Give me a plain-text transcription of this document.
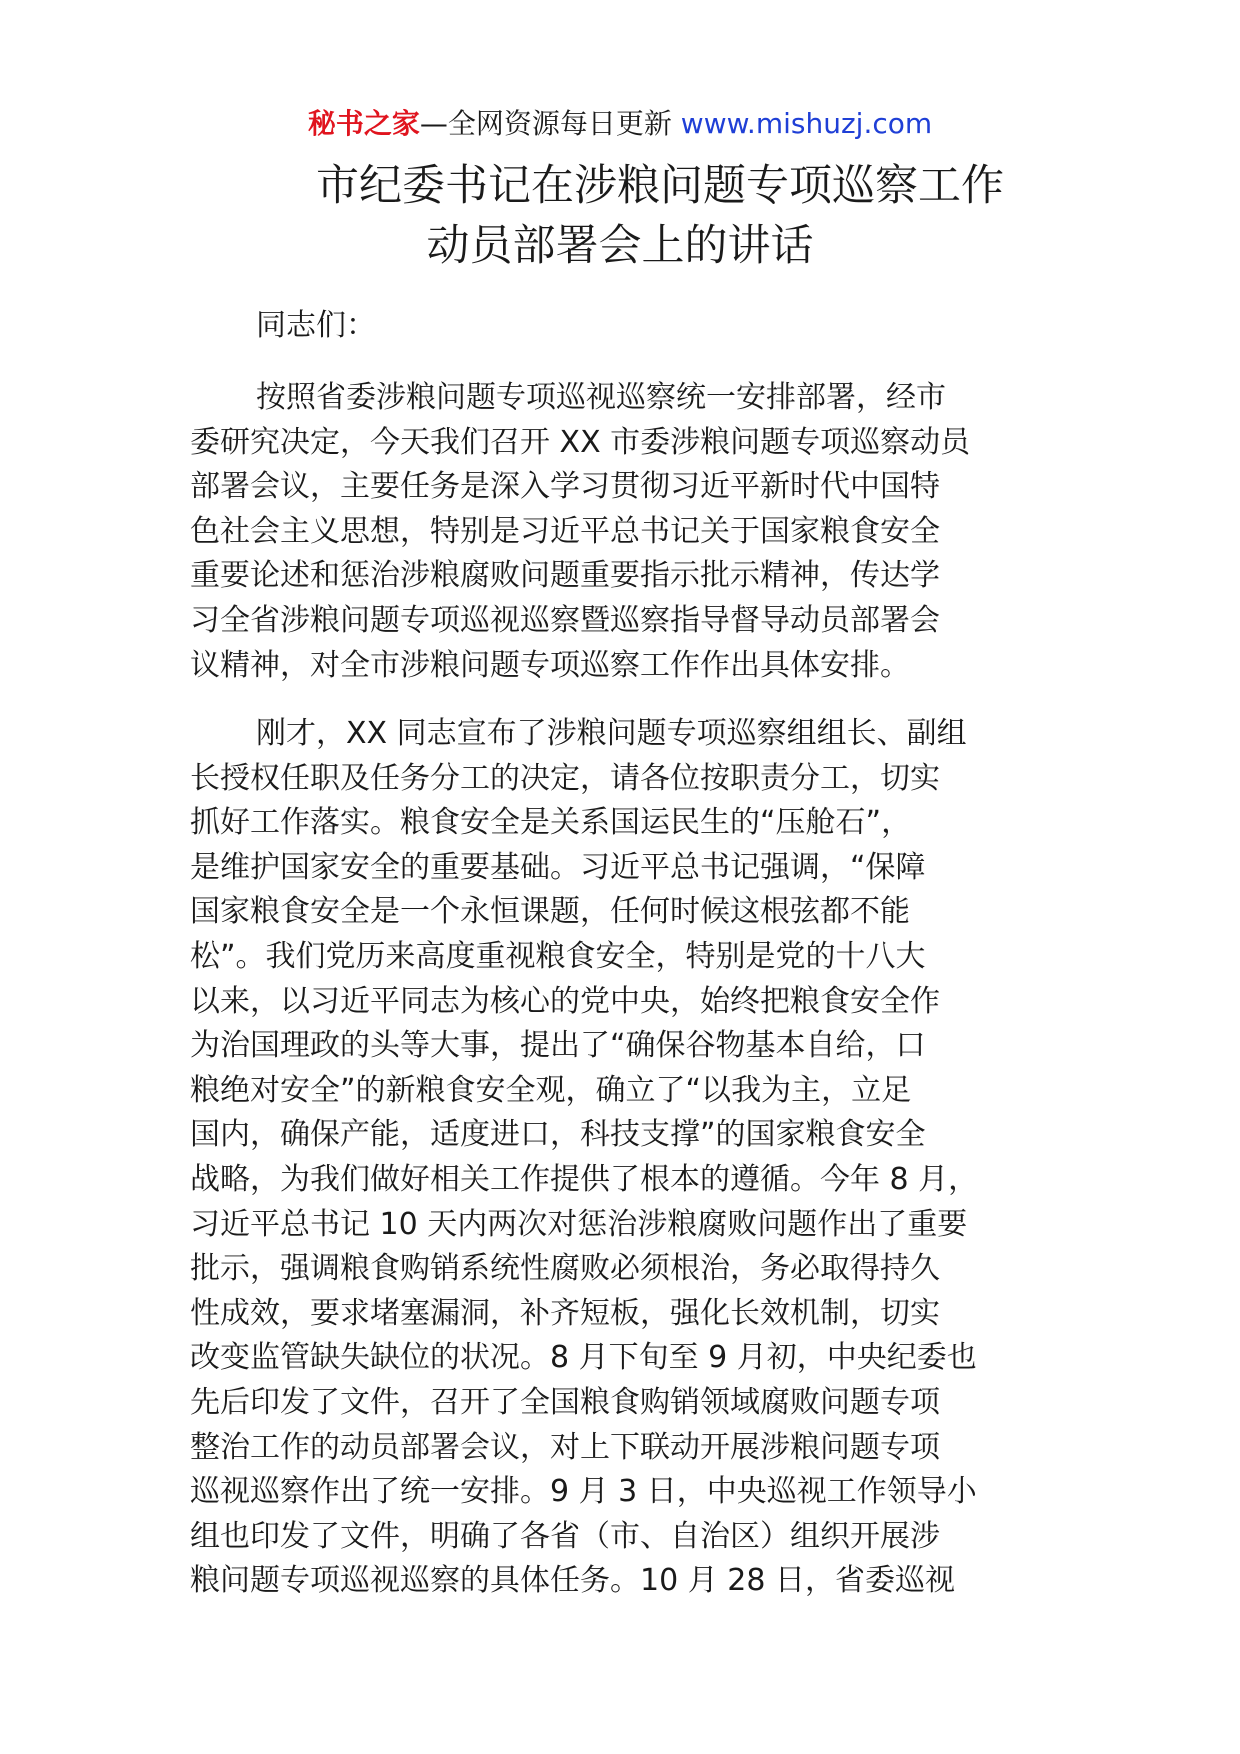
秘书之家—全网资源每日更新 www.mishuzj.com
市纪委书记在涉粮问题专项巡察工作
动员部署会上的讲话
同志们：
按照省委涉粮问题专项巡视巡察统一安排部署，经市
委研究决定，今天我们召开 XX 市委涉粮问题专项巡察动员
部署会议，主要任务是深入学习贯彻习近平新时代中国特
色社会主义思想，特别是习近平总书记关于国家粮食安全
重要论述和惩治涉粮腐败问题重要指示批示精神，传达学
习全省涉粮问题专项巡视巡察暨巡察指导督导动员部署会
议精神，对全市涉粮问题专项巡察工作作出具体安排。
刚才，XX 同志宣布了涉粮问题专项巡察组组长、副组
长授权任职及任务分工的决定，请各位按职责分工，切实
抓好工作落实。粮食安全是关系国运民生的“压舱石”，
是维护国家安全的重要基础。习近平总书记强调，“保障
国家粮食安全是一个永恒课题，任何时候这根弦都不能
松”。我们党历来高度重视粮食安全，特别是党的十八大
以来，以习近平同志为核心的党中央，始终把粮食安全作
为治国理政的头等大事，提出了“确保谷物基本自给，口
粮绝对安全”的新粮食安全观，确立了“以我为主，立足
国内，确保产能，适度进口，科技支撑”的国家粮食安全
战略，为我们做好相关工作提供了根本的遵循。今年 8 月，
习近平总书记 10 天内两次对惩治涉粮腐败问题作出了重要
批示，强调粮食购销系统性腐败必须根治，务必取得持久
性成效，要求堵塞漏洞，补齐短板，强化长效机制，切实
改变监管缺失缺位的状况。8 月下旬至 9 月初，中央纪委也
先后印发了文件，召开了全国粮食购销领域腐败问题专项
整治工作的动员部署会议，对上下联动开展涉粮问题专项
巡视巡察作出了统一安排。9 月 3 日，中央巡视工作领导小
组也印发了文件，明确了各省（市、自治区）组织开展涉
粮问题专项巡视巡察的具体任务。10 月 28 日，省委巡视
